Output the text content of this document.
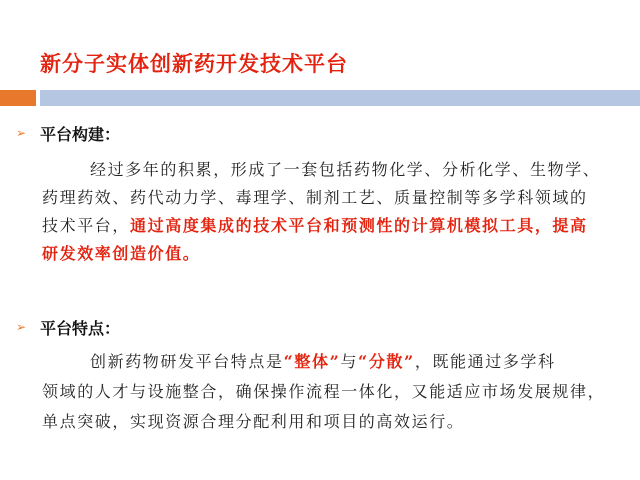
新分子实体创新药开发技术平台
➢ 平台构建：
经过多年的积累，形成了一套包括药物化学、分析化学、生物学、
药理药效、药代动力学、毒理学、制剂工艺、质量控制等多学科领域的
技术平台，通过高度集成的技术平台和预测性的计算机模拟工具，提高
研发效率创造价值。
➢ 平台特点：
创新药物研发平台特点是“整体”与“分散”，既能通过多学科
领域的人才与设施整合，确保操作流程一体化，又能适应市场发展规律，
单点突破，实现资源合理分配利用和项目的高效运行。
